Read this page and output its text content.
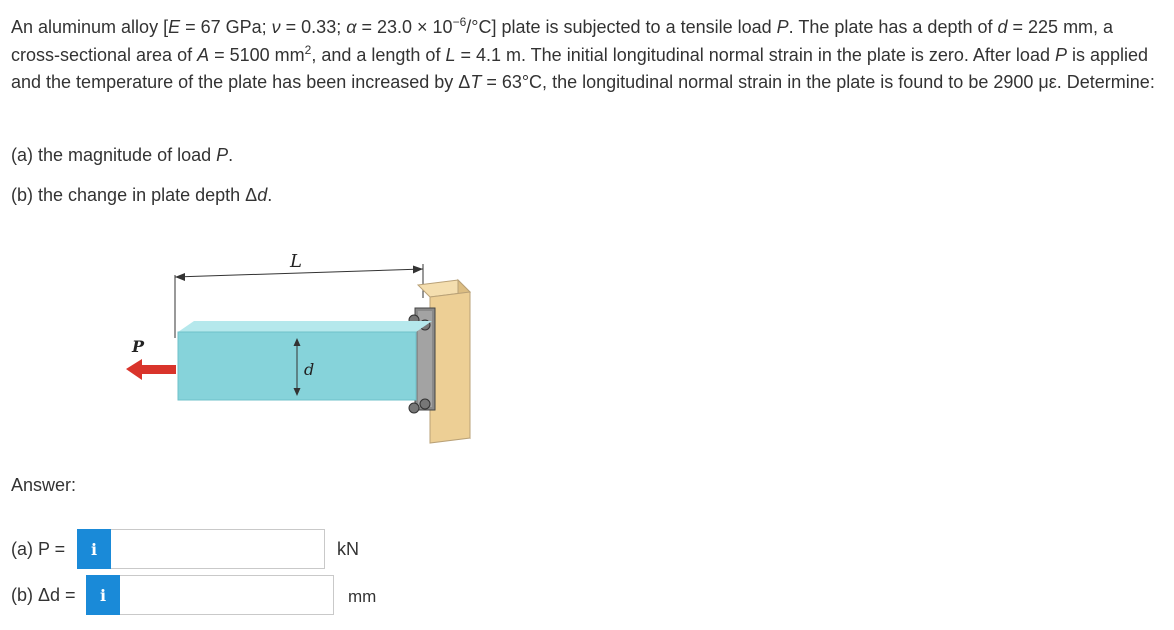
An aluminum alloy [E = 67 GPa; ν = 0.33; $\alpha = 23.0 \times 10^{-6}/^\circ C$] plate is subjected to a tensile load P. The plate has a depth of d = 225 mm, a cross-sectional area of A = 5100 $mm^2$, and a length of L = 4.1 m. The initial longitudinal normal strain in the plate is zero. After load P is applied and the temperature of the plate has been increased by ΔT = 63°C, the longitudinal normal strain in the plate is found to be 2900 με. Determine:

(a) the magnitude of load P.
(b) the change in plate depth Δd.
L
P
d
Answer:
(a) P =	i	kN
(b) Δd =	i	mm
